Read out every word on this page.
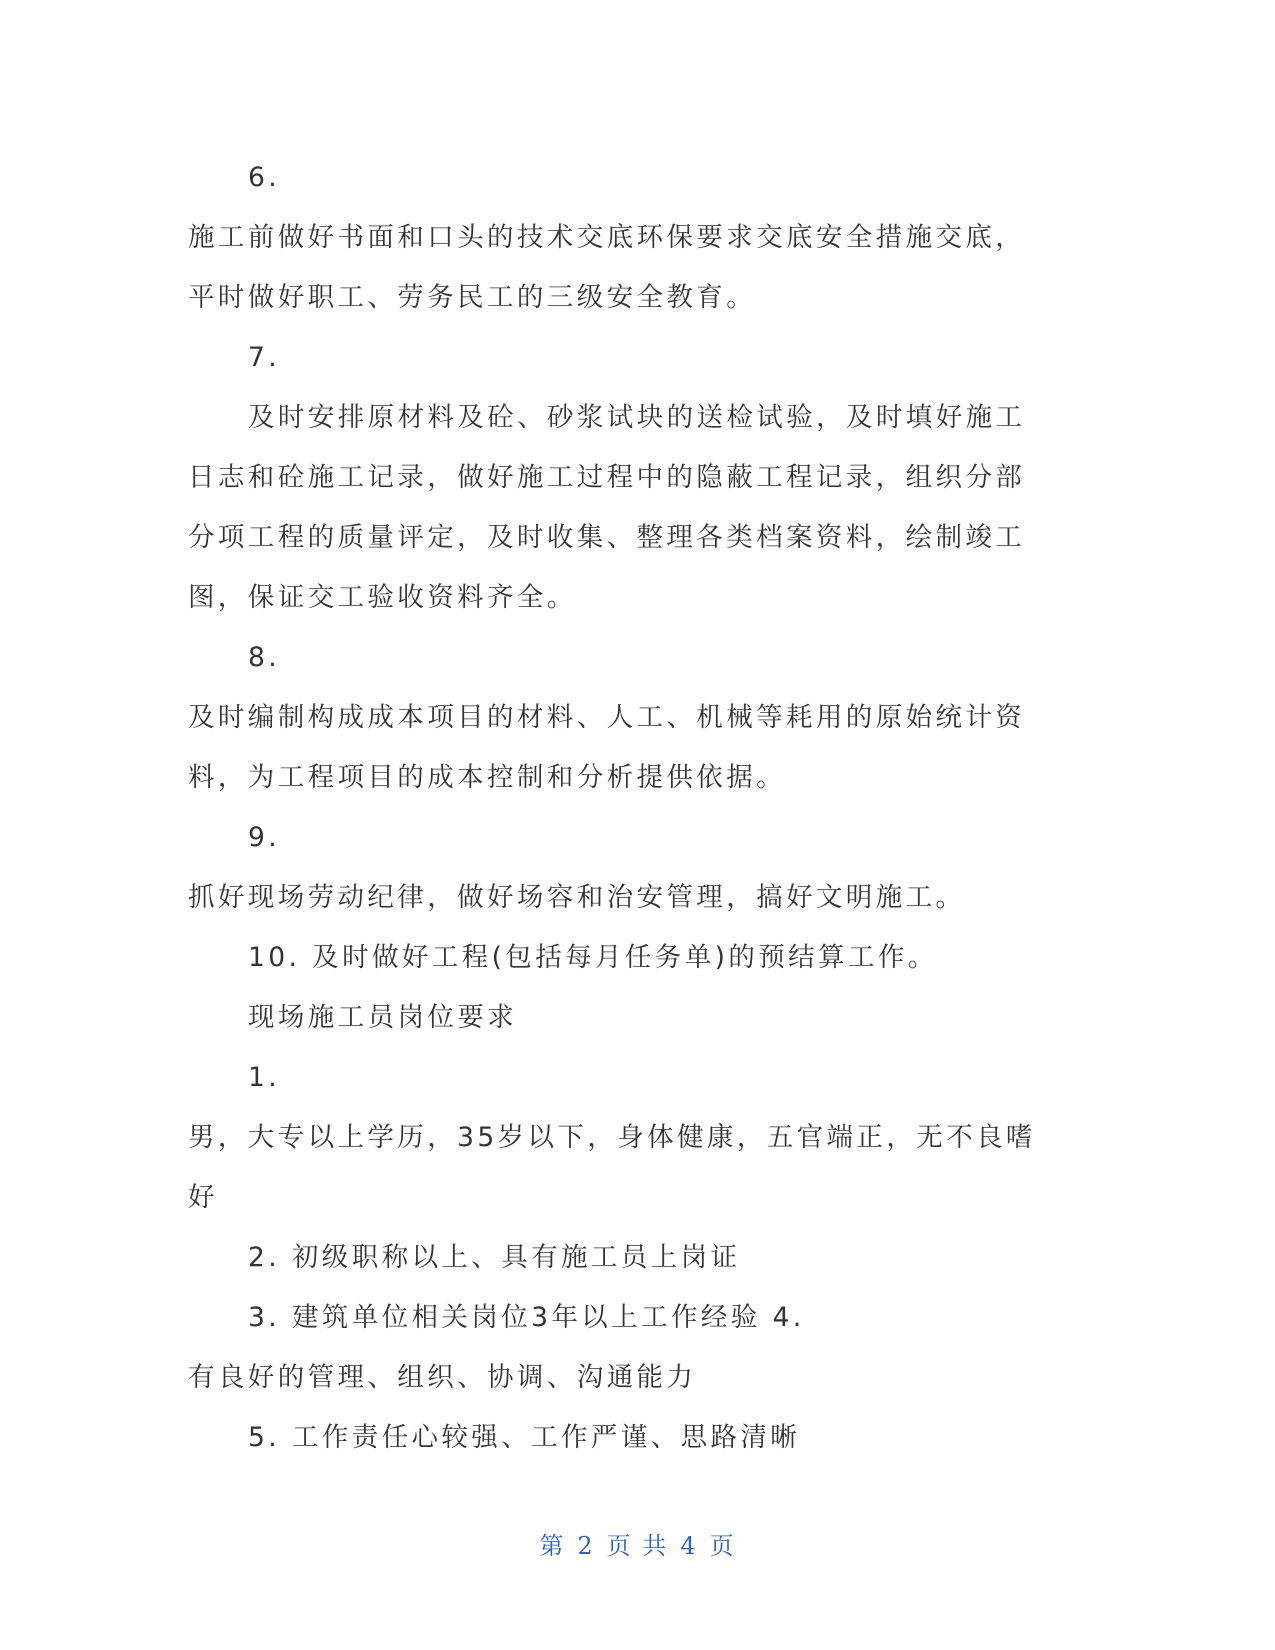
6.
施工前做好书面和口头的技术交底环保要求交底安全措施交底，
平时做好职工、劳务民工的三级安全教育。
7.
及时安排原材料及砼、砂浆试块的送检试验，及时填好施工
日志和砼施工记录，做好施工过程中的隐蔽工程记录，组织分部
分项工程的质量评定，及时收集、整理各类档案资料，绘制竣工
图，保证交工验收资料齐全。
8.
及时编制构成成本项目的材料、人工、机械等耗用的原始统计资
料，为工程项目的成本控制和分析提供依据。
9.
抓好现场劳动纪律，做好场容和治安管理，搞好文明施工。
10. 及时做好工程(包括每月任务单)的预结算工作。
现场施工员岗位要求
1.
男，大专以上学历，35岁以下，身体健康，五官端正，无不良嗜
好
2. 初级职称以上、具有施工员上岗证
3. 建筑单位相关岗位3年以上工作经验 4.
有良好的管理、组织、协调、沟通能力
5. 工作责任心较强、工作严谨、思路清晰
第 2 页 共 4 页
